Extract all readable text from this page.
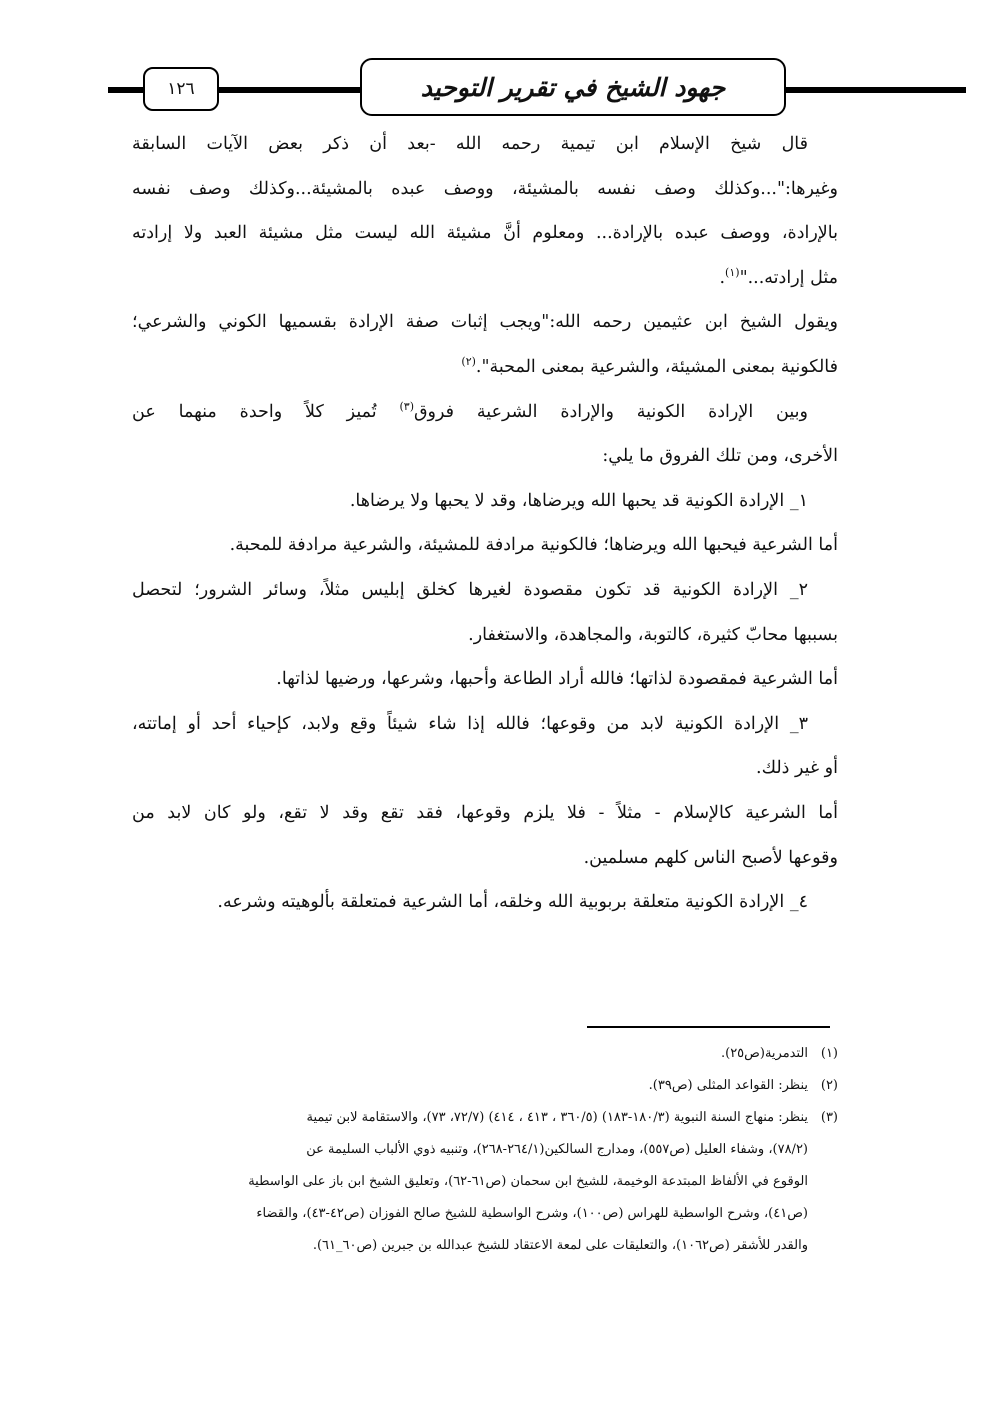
١٢٦	جهود الشيخ في تقرير التوحيد
قال شيخ الإسلام ابن تيمية رحمه الله -بعد أن ذكر بعض الآيات السابقة
وغيرها:"...وكذلك وصف نفسه بالمشيئة، ووصف عبده بالمشيئة...وكذلك وصف نفسه
بالإرادة، ووصف عبده بالإرادة... ومعلوم أنَّ مشيئة الله ليست مثل مشيئة العبد ولا إرادته
مثل إرادته..."$^{(١)}$.
ويقول الشيخ ابن عثيمين رحمه الله:"ويجب إثبات صفة الإرادة بقسميها الكوني والشرعي؛
فالكونية بمعنى المشيئة، والشرعية بمعنى المحبة".$^{(٢)}$
وبين الإرادة الكونية والإرادة الشرعية فروق$^{(٣)}$ تُميز كلاً واحدة منهما عن
الأخرى، ومن تلك الفروق ما يلي:
١_ الإرادة الكونية قد يحبها الله ويرضاها، وقد لا يحبها ولا يرضاها.
أما الشرعية فيحبها الله ويرضاها؛ فالكونية مرادفة للمشيئة، والشرعية مرادفة للمحبة.
٢_ الإرادة الكونية قد تكون مقصودة لغيرها كخلق إبليس مثلاً، وسائر الشرور؛ لتحصل
بسببها محابّ كثيرة، كالتوبة، والمجاهدة، والاستغفار.
أما الشرعية فمقصودة لذاتها؛ فالله أراد الطاعة وأحبها، وشرعها، ورضيها لذاتها.
٣_ الإرادة الكونية لابد من وقوعها؛ فالله إذا شاء شيئاً وقع ولابد، كإحياء أحد أو إماتته،
أو غير ذلك.
أما الشرعية كالإسلام - مثلاً - فلا يلزم وقوعها، فقد تقع وقد لا تقع، ولو كان لابد من
وقوعها لأصبح الناس كلهم مسلمين.
٤_ الإرادة الكونية متعلقة بربوبية الله وخلقه، أما الشرعية فمتعلقة بألوهيته وشرعه.
(١)التدمرية(ص٢٥).
(٢)ينظر: القواعد المثلى (ص٣٩).
(٣)ينظر: منهاج السنة النبوية (١٨٠/٣-١٨٣) (٣٦٠/٥ ، ٤١٣ ، ٤١٤) (٧٢/٧، ٧٣)، والاستقامة لابن تيمية
(٧٨/٢)، وشفاء العليل (ص٥٥٧)، ومدارج السالكين(٢٦٤/١-٢٦٨)، وتنبيه ذوي الألباب السليمة عن
الوقوع في الألفاظ المبتدعة الوخيمة، للشيخ ابن سحمان (ص٦١-٦٢)، وتعليق الشيخ ابن باز على الواسطية
(ص٤١)، وشرح الواسطية للهراس (ص١٠٠)، وشرح الواسطية للشيخ صالح الفوزان (ص٤٢-٤٣)، والقضاء
والقدر للأشقر (ص١٠٦٢)، والتعليقات على لمعة الاعتقاد للشيخ عبدالله بن جبرين (ص٦٠_٦١).
